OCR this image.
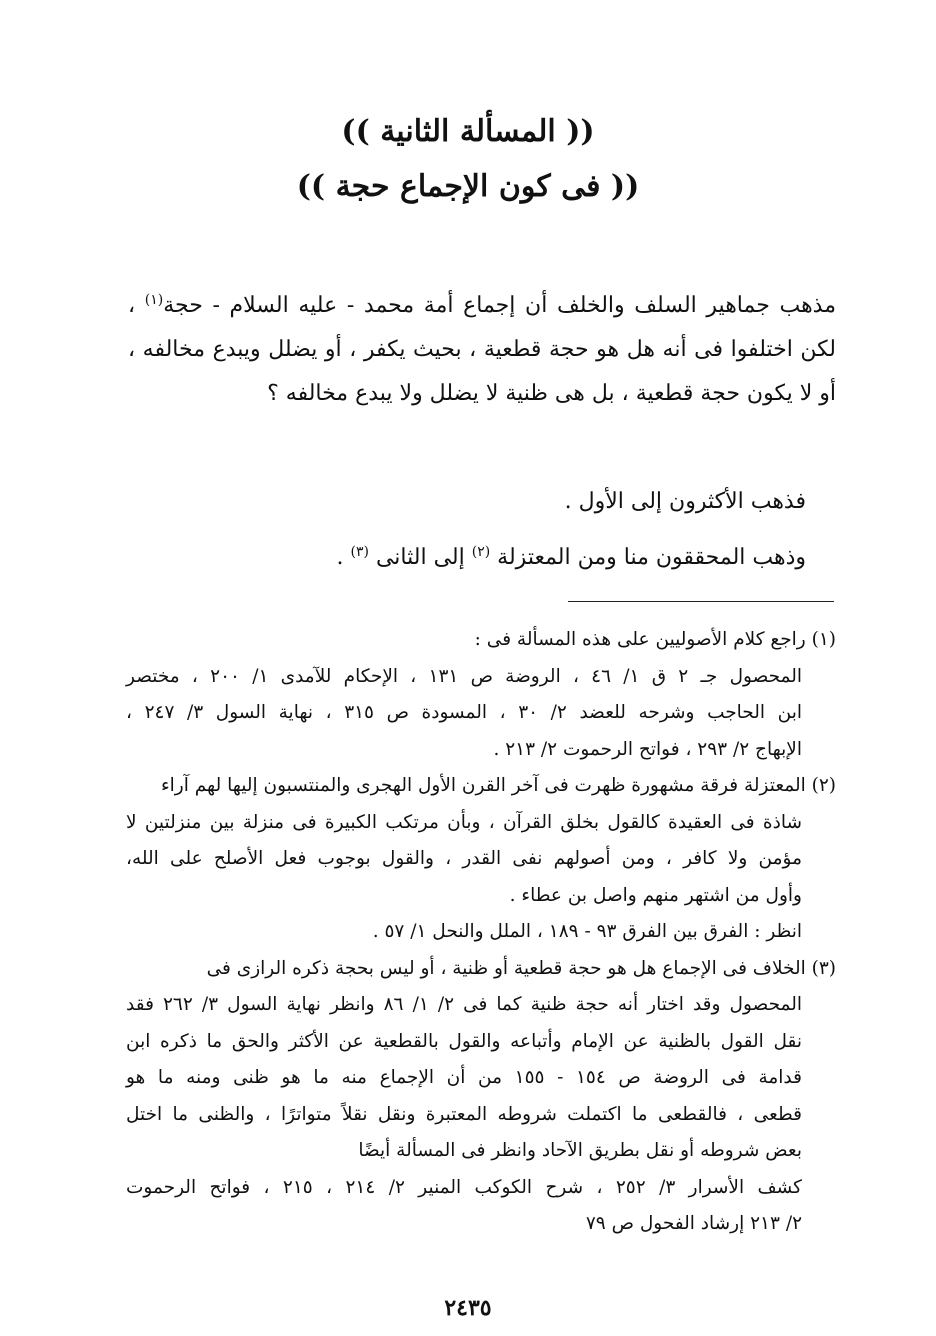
(( المسألة الثانية ))
(( فى كون الإجماع حجة ))

مذهب جماهير السلف والخلف أن إجماع أمة محمد - عليه السلام - حجة$^{(١)}$ ، لكن اختلفوا فى أنه هل هو حجة قطعية ، بحيث يكفر ، أو يضلل ويبدع مخالفه ، أو لا يكون حجة قطعية ، بل هى ظنية لا يضلل ولا يبدع مخالفه ؟

فذهب الأكثرون إلى الأول .
وذهب المحققون منا ومن المعتزلة $^{(٢)}$ إلى الثانى $^{(٣)}$ .
(١) راجع كلام الأصوليين على هذه المسألة فى :
المحصول جـ ٢ ق ١/ ٤٦ ، الروضة ص ١٣١ ، الإحكام للآمدى ١/ ٢٠٠ ، مختصر
ابن الحاجب وشرحه للعضد ٢/ ٣٠ ، المسودة ص ٣١٥ ، نهاية السول ٣/ ٢٤٧ ،
الإبهاج ٢/ ٢٩٣ ، فواتح الرحموت ٢/ ٢١٣ .
(٢) المعتزلة فرقة مشهورة ظهرت فى آخر القرن الأول الهجرى والمنتسبون إليها لهم آراء
شاذة فى العقيدة كالقول بخلق القرآن ، وبأن مرتكب الكبيرة فى منزلة بين منزلتين لا
مؤمن ولا كافر ، ومن أصولهم نفى القدر ، والقول بوجوب فعل الأصلح على الله،
وأول من اشتهر منهم واصل بن عطاء .
انظر : الفرق بين الفرق ٩٣ - ١٨٩ ، الملل والنحل ١/ ٥٧ .
(٣) الخلاف فى الإجماع هل هو حجة قطعية أو ظنية ، أو ليس بحجة ذكره الرازى فى
المحصول وقد اختار أنه حجة ظنية كما فى ٢/ ١/ ٨٦ وانظر نهاية السول ٣/ ٢٦٢ فقد
نقل القول بالظنية عن الإمام وأتباعه والقول بالقطعية عن الأكثر والحق ما ذكره ابن
قدامة فى الروضة ص ١٥٤ - ١٥٥ من أن الإجماع منه ما هو ظنى ومنه ما هو
قطعى ، فالقطعى ما اكتملت شروطه المعتبرة ونقل نقلاً متواترًا ، والظنى ما اختل
بعض شروطه أو نقل بطريق الآحاد وانظر فى المسألة أيضًا
كشف الأسرار ٣/ ٢٥٢ ، شرح الكوكب المنير ٢/ ٢١٤ ، ٢١٥ ، فواتح الرحموت
٢/ ٢١٣ إرشاد الفحول ص ٧٩
٢٤٣٥
